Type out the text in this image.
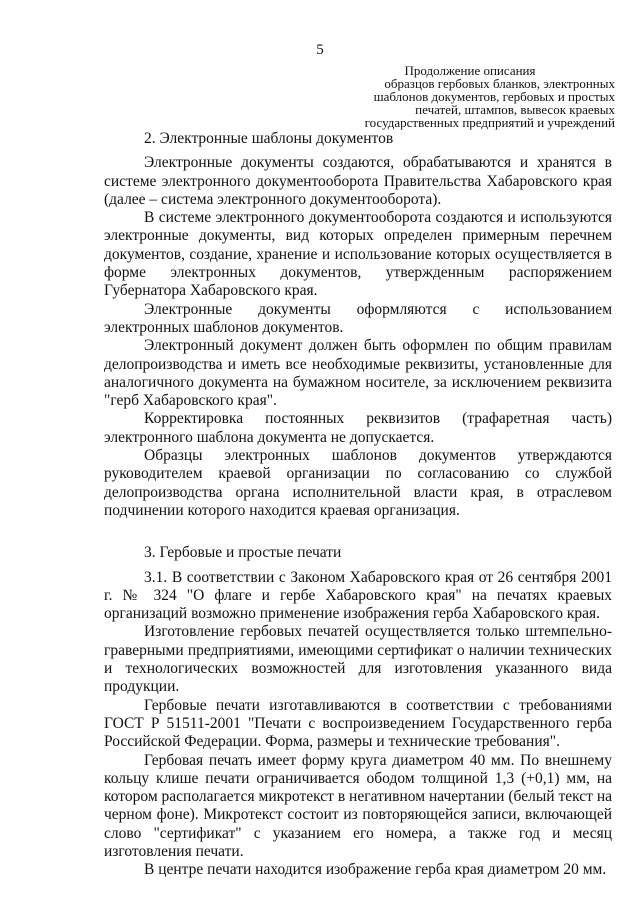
5
Продолжение описания
образцов гербовых бланков, электронных
шаблонов документов, гербовых и простых
печатей, штампов, вывесок краевых
государственных предприятий и учреждений
2. Электронные шаблоны документов

Электронные документы создаются, обрабатываются и хранятся в системе электронного документооборота Правительства Хабаровского края (далее – система электронного документооборота).

В системе электронного документооборота создаются и используются электронные документы, вид которых определен примерным перечнем документов, создание, хранение и использование которых осуществляется в форме электронных документов, утвержденным распоряжением Губернатора Хабаровского края.

Электронные документы оформляются с использованием электронных шаблонов документов.

Электронный документ должен быть оформлен по общим правилам делопроизводства и иметь все необходимые реквизиты, установленные для аналогичного документа на бумажном носителе, за исключением реквизита "герб Хабаровского края".

Корректировка постоянных реквизитов (трафаретная часть) электронного шаблона документа не допускается.

Образцы электронных шаблонов документов утверждаются руководителем краевой организации по согласованию со службой делопроизводства органа исполнительной власти края, в отраслевом подчинении которого находится краевая организация.

3. Гербовые и простые печати

3.1. В соответствии с Законом Хабаровского края от 26 сентября 2001 г. № 324 "О флаге и гербе Хабаровского края" на печатях краевых организаций возможно применение изображения герба Хабаровского края.

Изготовление гербовых печатей осуществляется только штемпельно-граверными предприятиями, имеющими сертификат о наличии технических и технологических возможностей для изготовления указанного вида продукции.

Гербовые печати изготавливаются в соответствии с требованиями ГОСТ Р 51511-2001 "Печати с воспроизведением Государственного герба Российской Федерации. Форма, размеры и технические требования".

Гербовая печать имеет форму круга диаметром 40 мм. По внешнему кольцу клише печати ограничивается ободом толщиной 1,3 (+0,1) мм, на котором располагается микротекст в негативном начертании (белый текст на черном фоне). Микротекст состоит из повторяющейся записи, включающей слово "сертификат" с указанием его номера, а также год и месяц изготовления печати.

В центре печати находится изображение герба края диаметром 20 мм.
